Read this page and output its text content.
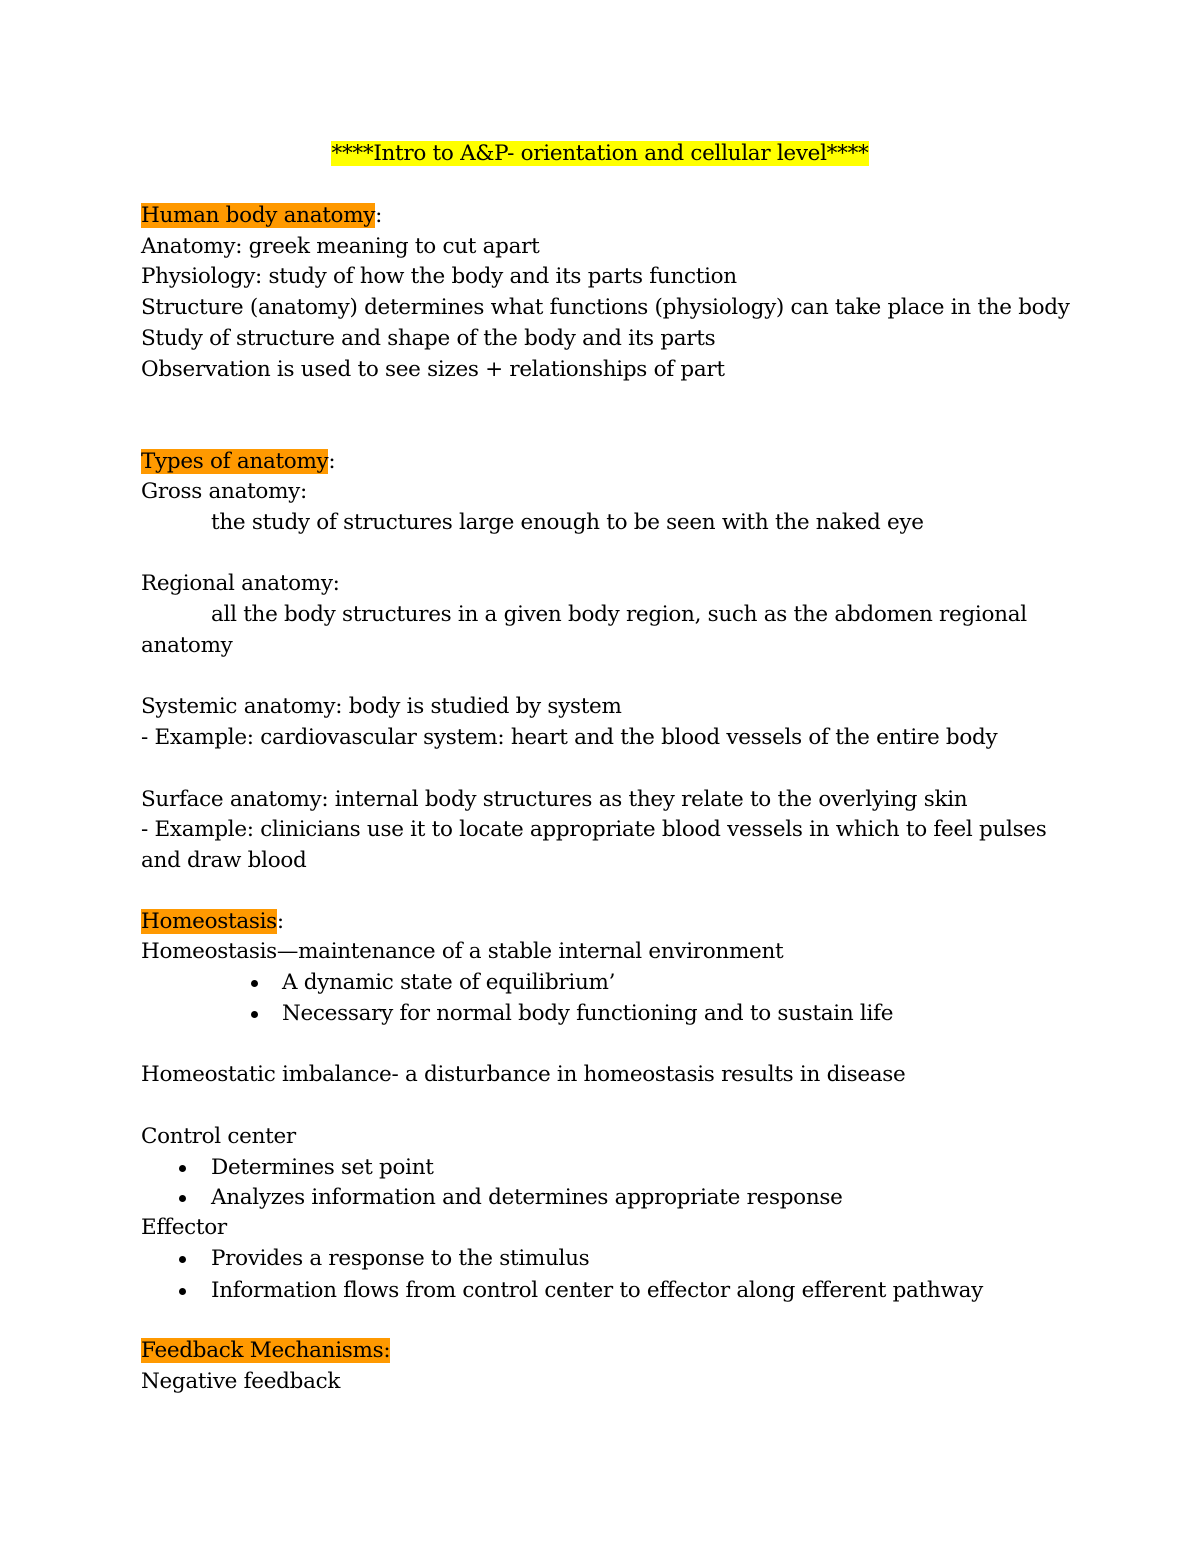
****Intro to A&P- orientation and cellular level****
Human body anatomy:
Anatomy: greek meaning to cut apart
Physiology: study of how the body and its parts function
Structure (anatomy) determines what functions (physiology) can take place in the body
Study of structure and shape of the body and its parts
Observation is used to see sizes + relationships of part
Types of anatomy:
Gross anatomy:
the study of structures large enough to be seen with the naked eye
Regional anatomy:
all the body structures in a given body region, such as the abdomen regional
anatomy
Systemic anatomy: body is studied by system
- Example: cardiovascular system: heart and the blood vessels of the entire body
Surface anatomy: internal body structures as they relate to the overlying skin
- Example: clinicians use it to locate appropriate blood vessels in which to feel pulses
and draw blood
Homeostasis:
Homeostasis—maintenance of a stable internal environment
A dynamic state of equilibrium’
Necessary for normal body functioning and to sustain life
Homeostatic imbalance- a disturbance in homeostasis results in disease
Control center
Determines set point
Analyzes information and determines appropriate response
Effector
Provides a response to the stimulus
Information flows from control center to effector along efferent pathway
Feedback Mechanisms:
Negative feedback
